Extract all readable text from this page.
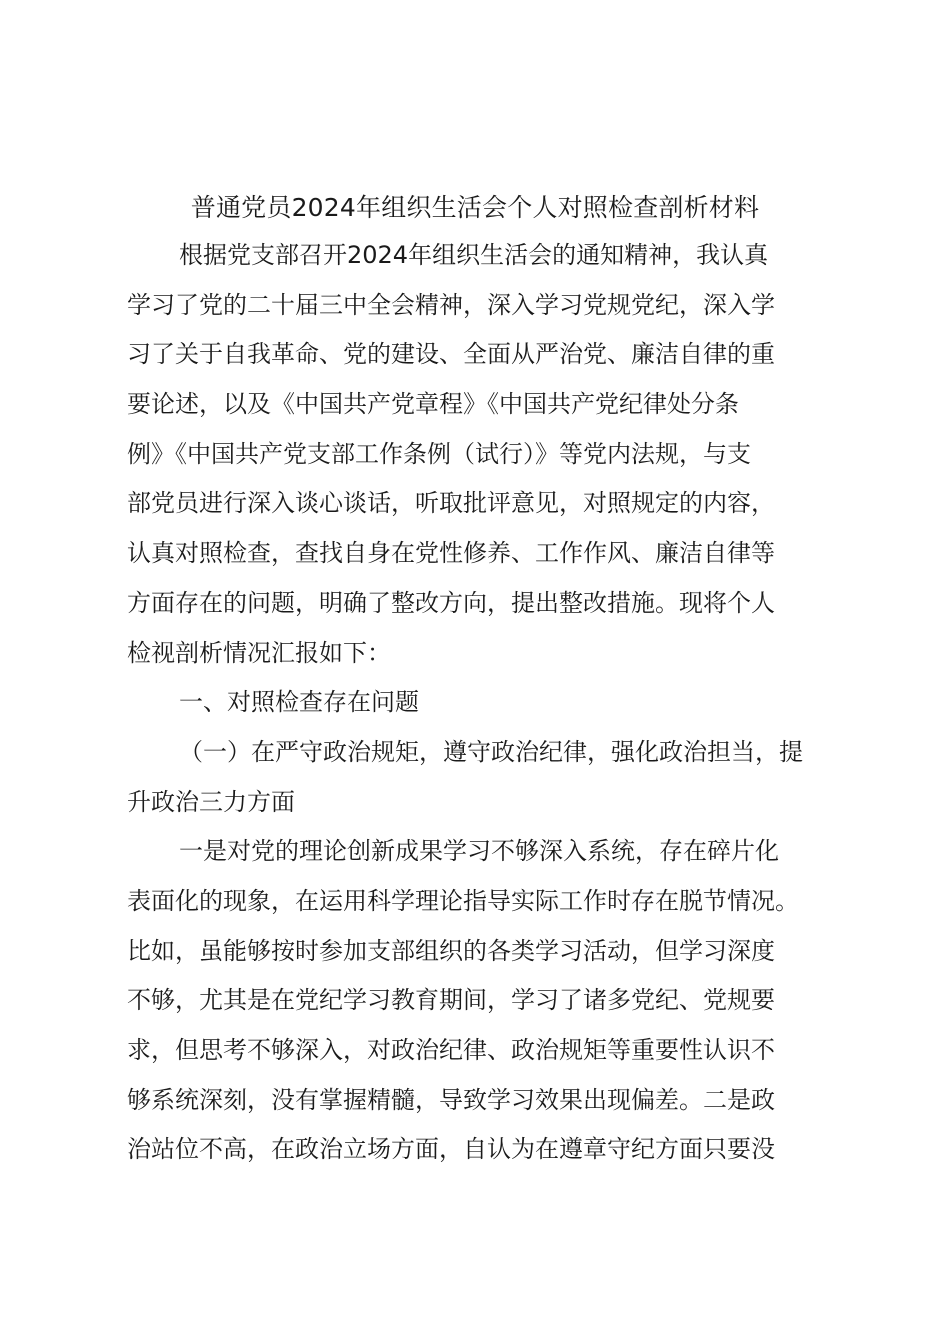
普通党员2024年组织生活会个人对照检查剖析材料
根据党支部召开2024年组织生活会的通知精神，我认真
学习了党的二十届三中全会精神，深入学习党规党纪，深入学
习了关于自我革命、党的建设、全面从严治党、廉洁自律的重
要论述，以及《中国共产党章程》《中国共产党纪律处分条
例》《中国共产党支部工作条例（试行）》等党内法规，与支
部党员进行深入谈心谈话，听取批评意见，对照规定的内容，
认真对照检查，查找自身在党性修养、工作作风、廉洁自律等
方面存在的问题，明确了整改方向，提出整改措施。现将个人
检视剖析情况汇报如下：
一、对照检查存在问题
（一）在严守政治规矩，遵守政治纪律，强化政治担当，提
升政治三力方面
一是对党的理论创新成果学习不够深入系统，存在碎片化
表面化的现象，在运用科学理论指导实际工作时存在脱节情况。
比如，虽能够按时参加支部组织的各类学习活动，但学习深度
不够，尤其是在党纪学习教育期间，学习了诸多党纪、党规要
求，但思考不够深入，对政治纪律、政治规矩等重要性认识不
够系统深刻，没有掌握精髓，导致学习效果出现偏差。二是政
治站位不高，在政治立场方面，自认为在遵章守纪方面只要没
